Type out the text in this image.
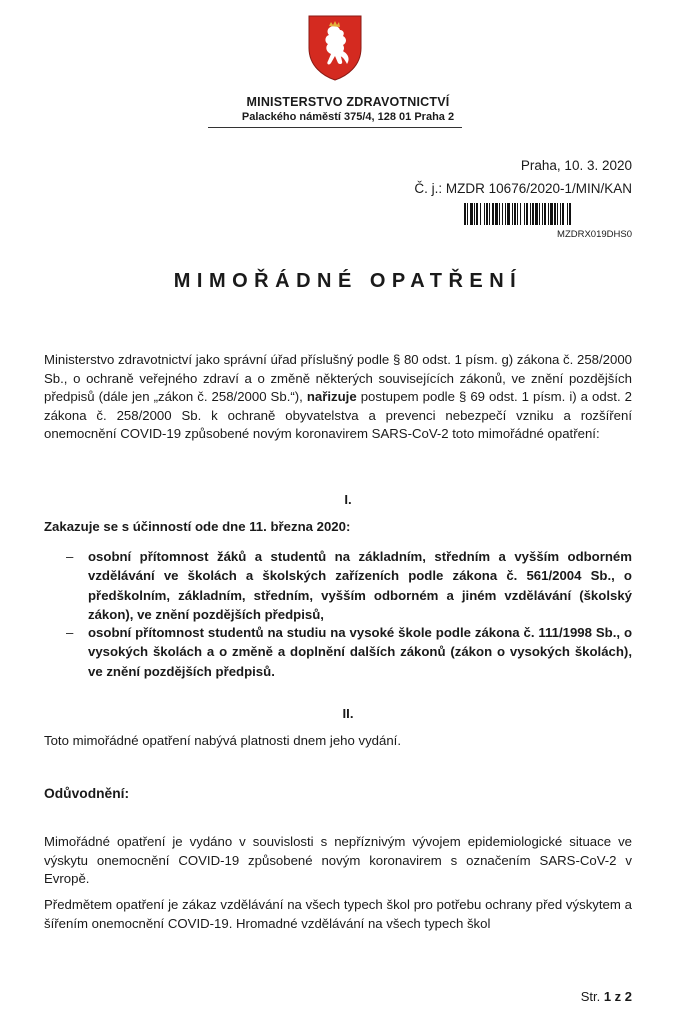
MINISTERSTVO ZDRAVOTNICTVÍ
Palackého náměstí 375/4, 128 01 Praha 2
Praha, 10. 3. 2020
Č. j.: MZDR 10676/2020-1/MIN/KAN
MZDRX019DHS0
MIMOŘÁDNÉ OPATŘENÍ
Ministerstvo zdravotnictví jako správní úřad příslušný podle § 80 odst. 1 písm. g) zákona č. 258/2000 Sb., o ochraně veřejného zdraví a o změně některých souvisejících zákonů, ve znění pozdějších předpisů (dále jen „zákon č. 258/2000 Sb.“), nařizuje postupem podle § 69 odst. 1 písm. i) a odst. 2 zákona č. 258/2000 Sb. k ochraně obyvatelstva a prevenci nebezpečí vzniku a rozšíření onemocnění COVID-19 způsobené novým koronavirem SARS-CoV-2 toto mimořádné opatření:
I.
Zakazuje se s účinností ode dne 11. března 2020:
– osobní přítomnost žáků a studentů na základním, středním a vyšším odborném vzdělávání ve školách a školských zařízeních podle zákona č. 561/2004 Sb., o předškolním, základním, středním, vyšším odborném a jiném vzdělávání (školský zákon), ve znění pozdějších předpisů,
– osobní přítomnost studentů na studiu na vysoké škole podle zákona č. 111/1998 Sb., o vysokých školách a o změně a doplnění dalších zákonů (zákon o vysokých školách), ve znění pozdějších předpisů.
II.
Toto mimořádné opatření nabývá platnosti dnem jeho vydání.
Odůvodnění:
Mimořádné opatření je vydáno v souvislosti s nepříznivým vývojem epidemiologické situace ve výskytu onemocnění COVID-19 způsobené novým koronavirem s označením SARS-CoV-2 v Evropě.
Předmětem opatření je zákaz vzdělávání na všech typech škol pro potřebu ochrany před výskytem a šířením onemocnění COVID-19. Hromadné vzdělávání na všech typech škol
Str. 1 z 2
